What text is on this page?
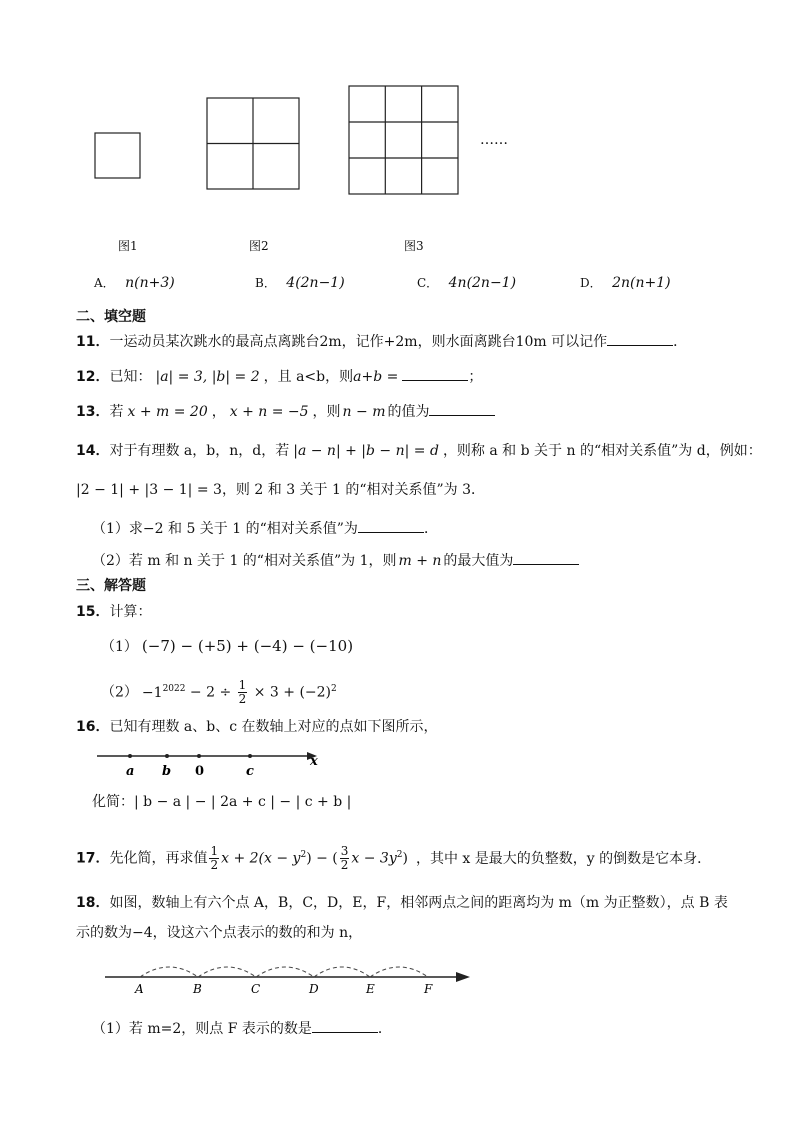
……
图1	图2	图3
A． n(n+3)	B． 4(2n−1)	C． 4n(2n−1)	D． 2n(n+1)
二、填空题
11．一运动员某次跳水的最高点离跳台2m，记作+2m，则水面离跳台10m 可以记作	．
12．已知： |a| = 3, |b| = 2 ，且 a<b，则a+b =	；
13．若 x + m = 20 ， x + n = −5 ，则 n − m 的值为
14．对于有理数 a，b，n，d，若 |a − n| + |b − n| = d ，则称 a 和 b 关于 n 的“相对关系值”为 d，例如：
|2 − 1| + |3 − 1| = 3，则 2 和 3 关于 1 的“相对关系值”为 3．
（1）求−2 和 5 关于 1 的“相对关系值”为	．
（2）若 m 和 n 关于 1 的“相对关系值”为 1，则 m + n 的最大值为
三、解答题
15．计算：
（1） (−7) − (+5) + (−4) − (−10)
$(2) -1^{2022} - 2 \div \frac{1}{2} \times 3 + (-2)^2$
16．已知有理数 a、b、c 在数轴上对应的点如下图所示，
a b 0	c
x
化简：| b − a | − | 2a + c | − | c + b |
17．先化简，再求值 $\frac{1}{2}$ $x + 2(x - y^2)$ − ( $\frac{3}{2}$ $x - 3y^2$) ，其中 x 是最大的负整数，y 的倒数是它本身．
18．如图，数轴上有六个点 A，B，C，D，E，F，相邻两点之间的距离均为 m（m 为正整数），点 B 表
示的数为−4，设这六个点表示的数的和为 n，
A	B	C	D	E	F
（1）若 m=2，则点 F 表示的数是	．
